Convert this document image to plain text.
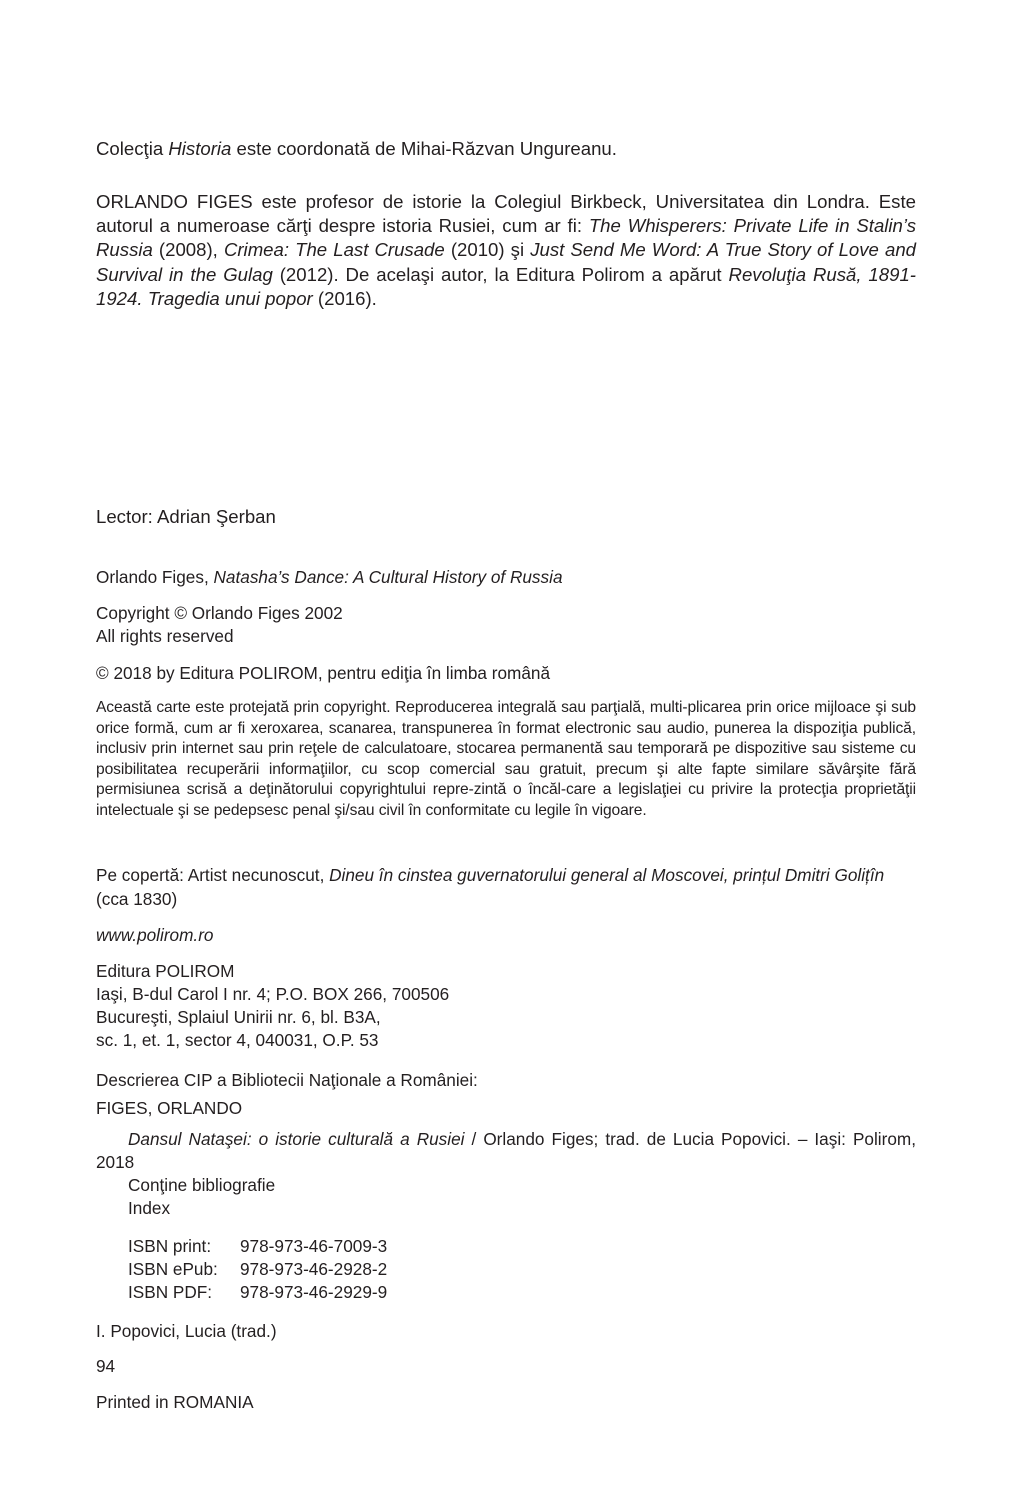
Colecţia Historia este coordonată de Mihai-Răzvan Ungureanu.

ORLANDO FIGES este profesor de istorie la Colegiul Birkbeck, Universitatea din Londra. Este autorul a numeroase cărţi despre istoria Rusiei, cum ar fi: The Whisperers: Private Life in Stalin’s Russia (2008), Crimea: The Last Crusade (2010) şi Just Send Me Word: A True Story of Love and Survival in the Gulag (2012). De acelaşi autor, la Editura Polirom a apărut Revoluţia Rusă, 1891-1924. Tragedia unui popor (2016).

Lector: Adrian Şerban

Orlando Figes, Natasha’s Dance: A Cultural History of Russia

Copyright © Orlando Figes 2002
All rights reserved

© 2018 by Editura POLIROM, pentru ediţia în limba română

Această carte este protejată prin copyright. Reproducerea integrală sau parţială, multi-plicarea prin orice mijloace şi sub orice formă, cum ar fi xeroxarea, scanarea, transpunerea în format electronic sau audio, punerea la dispoziţia publică, inclusiv prin internet sau prin reţele de calculatoare, stocarea permanentă sau temporară pe dispozitive sau sisteme cu posibilitatea recuperării informaţiilor, cu scop comercial sau gratuit, precum şi alte fapte similare săvârşite fără permisiunea scrisă a deţinătorului copyrightului repre-zintă o încăl-care a legislaţiei cu privire la protecţia proprietăţii intelectuale şi se pedepsesc penal şi/sau civil în conformitate cu legile în vigoare.

Pe copertă: Artist necunoscut, Dineu în cinstea guvernatorului general al Moscovei, prințul Dmitri Golițîn (cca 1830)

www.polirom.ro

Editura POLIROM
Iaşi, B-dul Carol I nr. 4; P.O. BOX 266, 700506
Bucureşti, Splaiul Unirii nr. 6, bl. B3A,
sc. 1, et. 1, sector 4, 040031, O.P. 53

Descrierea CIP a Bibliotecii Naţionale a României:

FIGES, ORLANDO

Dansul Nataşei: o istorie culturală a Rusiei / Orlando Figes; trad. de Lucia Popovici. – Iaşi: Polirom, 2018
Conţine bibliografie
Index
ISBN print:	978-973-46-7009-3
ISBN ePub:	978-973-46-2928-2
ISBN PDF:	978-973-46-2929-9

I. Popovici, Lucia (trad.)

94

Printed in ROMANIA
